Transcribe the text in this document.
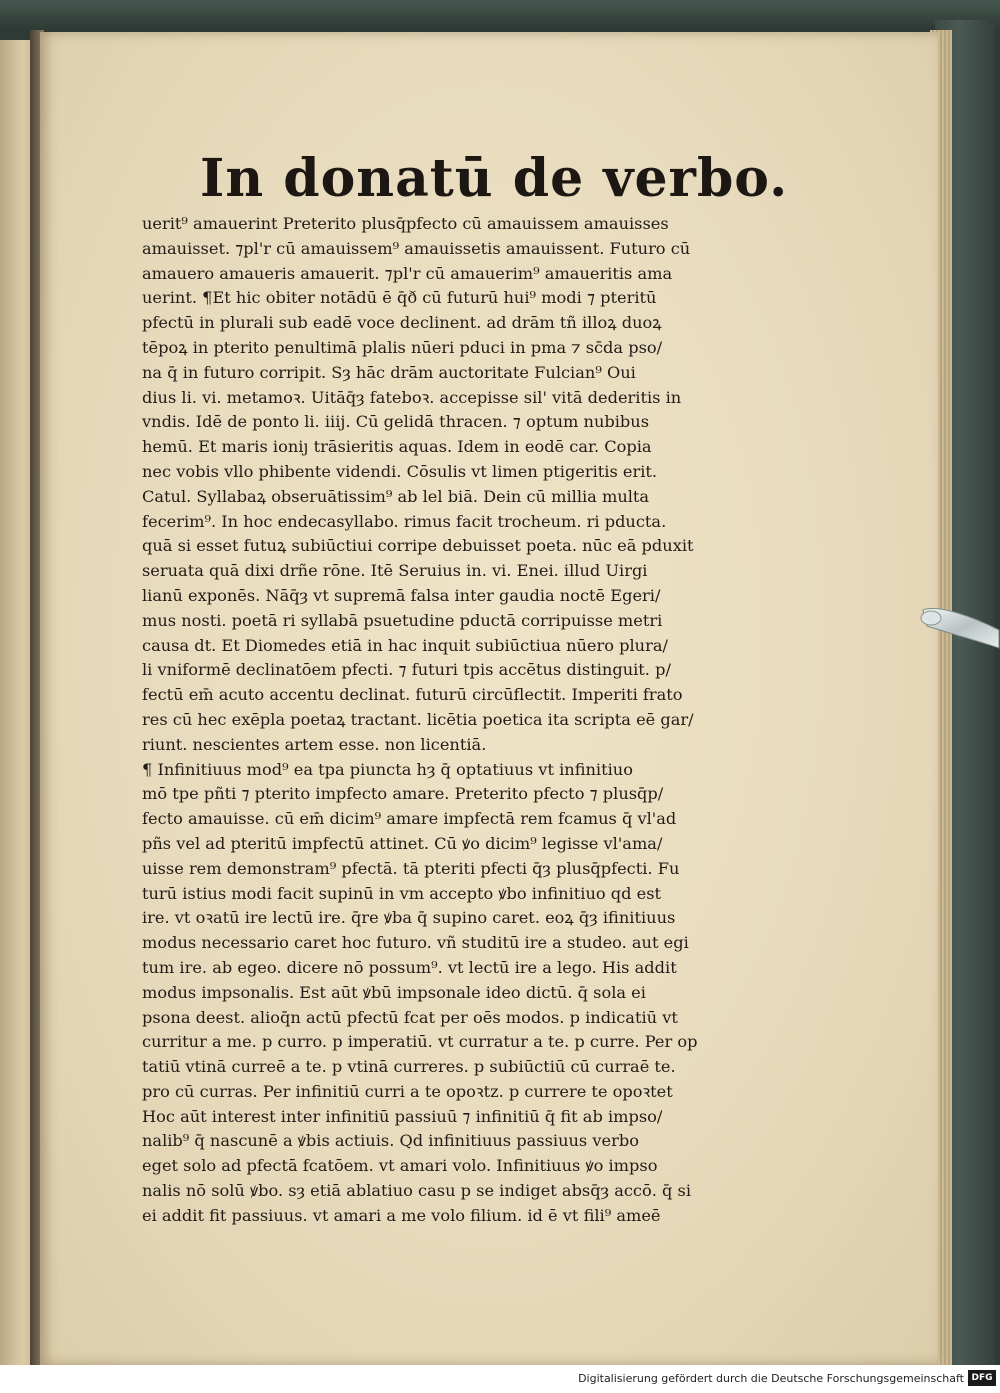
In donatū de verbo.
uerit⁹ amauerint Preterito plusq̄pfecto cū amauissem amauisses
amauisset. ⁊pl'r cū amauissem⁹ amauissetis amauissent. Futuro cū
amauero amaueris amauerit. ⁊pl'r cū amauerim⁹ amaueritis ama
uerint. ¶Et hic obiter notādū ē q̄ð cū futurū hui⁹ modi ⁊ pteritū
pfectū in plurali sub eadē voce declinent. ad drām tñ illoꝝ duoꝝ
tēpoꝝ in pterito penultimā plalis nūeri pduci in pma ⁊ sc̄da pso/
na q̄ in futuro corripit. Sȝ hāc drām auctoritate Fulcian⁹ Oui
dius li. vi. metamoꝛ. Uitāq̄ȝ fateboꝛ. accepisse sil' vitā dederitis in
vndis. Idē de ponto li. iiij. Cū gelidā thracen. ⁊ optum nubibus
hemū. Et maris ioniȷ trāsieritis aquas. Idem in eodē car. Copia
nec vobis vllo phibente videndi. Cōsulis vt limen ptigeritis erit.
Catul. Syllabaꝝ obseruātissim⁹ ab lel biā. Dein cū millia multa
fecerim⁹. In hoc endecasyllabo. rimus facit trocheum. ri pducta.
quā si esset futuꝝ subiūctiui corripe debuisset poeta. nūc eā pduxit
seruata quā dixi drñe rōne. Itē Seruius in. vi. Enei. illud Uirgi
lianū exponēs. Nāq̄ȝ vt supremā falsa inter gaudia noctē Egeri/
mus nosti. poetā ri syllabā psuetudine pductā corripuisse metri
causa dt. Et Diomedes etiā in hac inquit subiūctiua nūero plura/
li vniformē declinatōem pfecti. ⁊ futuri tpis accētus distinguit. p/
fectū em̄ acuto accentu declinat. futurū circūflectit. Imperiti frato
res cū hec exēpla poetaꝝ tractant. licētia poetica ita scripta eē gar/
riunt. nescientes artem esse. non licentiā.
¶ Infinitiuus mod⁹ ea tpa piuncta hȝ q̄ optatiuus vt infinitiuo
mō tpe pñti ⁊ pterito impfecto amare. Preterito pfecto ⁊ plusq̄p/
fecto amauisse. cū em̄ dicim⁹ amare impfectā rem fcamus q̄ vl'ad
pñs vel ad pteritū impfectū attinet. Cū ꝟo dicim⁹ legisse vl'ama/
uisse rem demonstram⁹ pfectā. tā pteriti pfecti q̄ȝ plusq̄pfecti. Fu
turū istius modi facit supinū in vm accepto ꝟbo infinitiuo qd est
ire. vt oꝛatū ire lectū ire. q̄re ꝟba q̄ supino caret. eoꝝ q̄ȝ ifinitiuus
modus necessario caret hoc futuro. vñ studitū ire a studeo. aut egi
tum ire. ab egeo. dicere nō possum⁹. vt lectū ire a lego. His addit
modus impsonalis. Est aūt ꝟbū impsonale ideo dictū. q̄ sola ei
psona deest. alioq̄n actū pfectū fcat per oēs modos. p indicatiū vt
curritur a me. p curro. p imperatiū. vt curratur a te. p curre. Per op
tatiū vtinā curreē a te. p vtinā curreres. p subiūctiū cū curraē te.
pro cū curras. Per infinitiū curri a te opoꝛtz. p currere te opoꝛtet
Hoc aūt interest inter infinitiū passiuū ⁊ infinitiū q̄ fit ab impso/
nalib⁹ q̄ nascunē a ꝟbis actiuis. Qd infinitiuus passiuus verbo
eget solo ad pfectā fcatōem. vt amari volo. Infinitiuus ꝟo impso
nalis nō solū ꝟbo. sȝ etiā ablatiuo casu p se indiget absq̄ȝ accō. q̄ si
ei addit fit passiuus. vt amari a me volo filium. id ē vt fili⁹ ameē
Digitalisierung gefördert durch die Deutsche Forschungsgemeinschaft DFG
